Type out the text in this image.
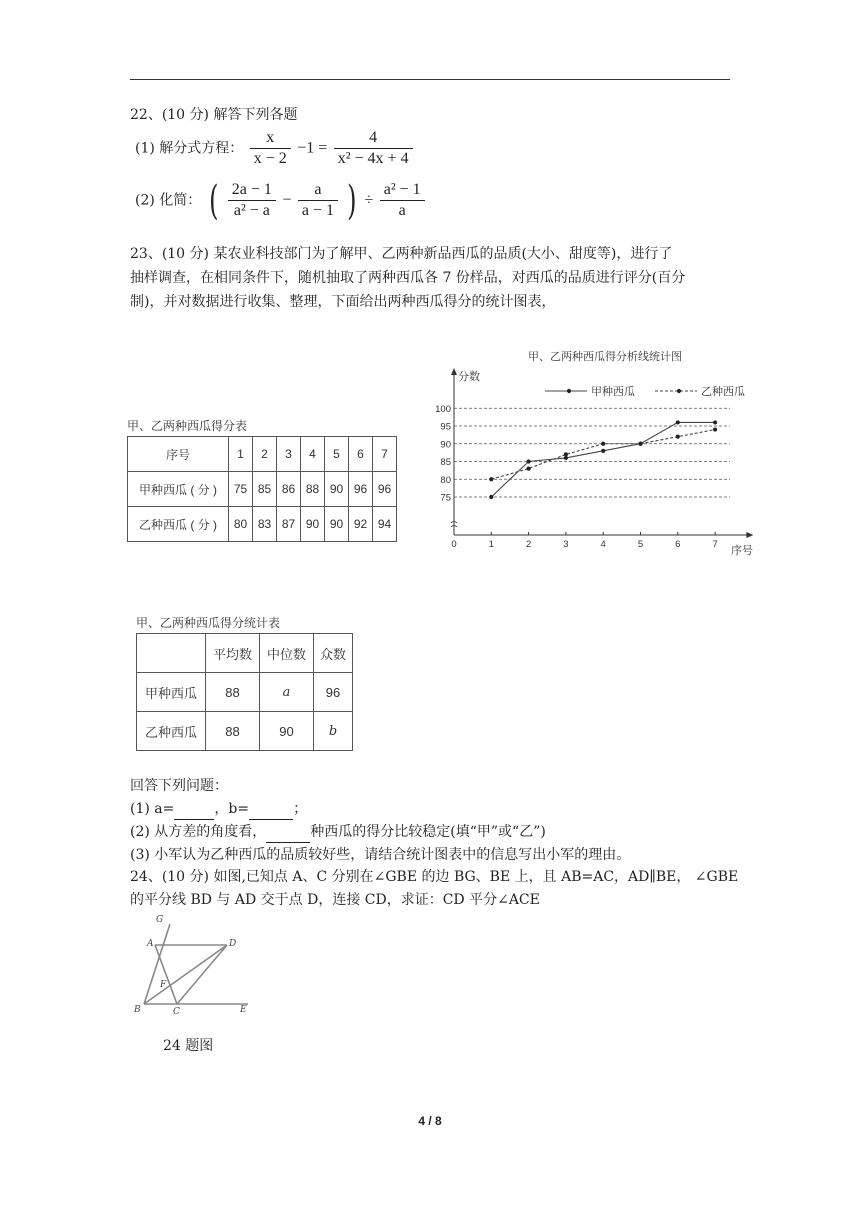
22、(10 分) 解答下列各题
(1) 解分式方程： $\frac{x}{x - 2} -1 = \frac{4}{\text{x² − 4x + 4}}$
(2) 化简： ( $\frac{2a - 1}{\text{a² − a}} - \frac{a}{a - 1}$ ) ÷ $\frac{\text{a² − 1}}{a}$
23、(10 分) 某农业科技部门为了解甲、乙两种新品西瓜的品质(大小、甜度等)，进行了
抽样调查，在相同条件下，随机抽取了两种西瓜各 7 份样品，对西瓜的品质进行评分(百分
制)，并对数据进行收集、整理，下面给出两种西瓜得分的统计图表，
甲、乙两种西瓜得分表
序号	1	2	3	4	5	6	7
甲种西瓜 ( 分 )	75	85	86	88	90	96	96
乙种西瓜 ( 分 )	80	83	87	90	90	92	94
甲、乙两种西瓜得分析线统计图
分数
序号
75
80
85
90
95
100
0	1	2	3	4	5	6	7
甲种西瓜	乙种西瓜
甲、乙两种西瓜得分统计表
	平均数	中位数	众数
甲种西瓜	88	a	96
乙种西瓜	88	90	b
回答下列问题：
(1) a=	，b=	；
(2) 从方差的角度看，	种西瓜的得分比较稳定(填“甲”或“乙”)
(3) 小军认为乙种西瓜的品质较好些，请结合统计图表中的信息写出小军的理由。
24、(10 分) 如图,已知点 A、C 分别在∠GBE 的边 BG、BE 上，且 AB=AC，AD∥BE， ∠GBE
的平分线 BD 与 AD 交于点 D，连接 CD，求证：CD 平分∠ACE
G
A	D
F
B	C	E
24 题图
4 / 8
